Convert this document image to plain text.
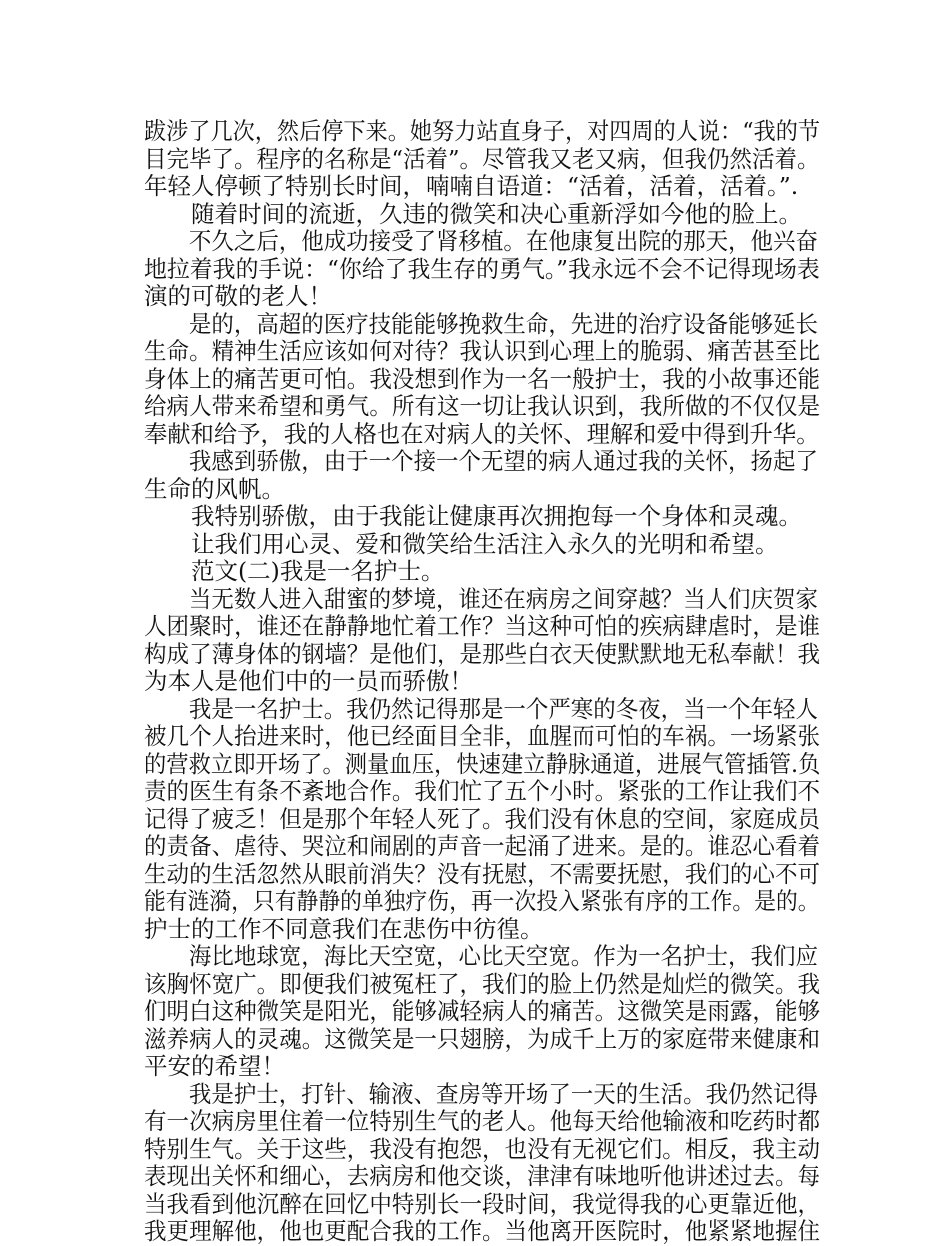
跋涉了几次，然后停下来。她努力站直身子，对四周的人说：“我的节
目完毕了。程序的名称是“活着”。尽管我又老又病，但我仍然活着。
年轻人停顿了特别长时间，喃喃自语道：“活着，活着，活着。”.
随着时间的流逝，久违的微笑和决心重新浮如今他的脸上。
不久之后，他成功接受了肾移植。在他康复出院的那天，他兴奋
地拉着我的手说：“你给了我生存的勇气。”我永远不会不记得现场表
演的可敬的老人！
是的，高超的医疗技能能够挽救生命，先进的治疗设备能够延长
生命。精神生活应该如何对待？我认识到心理上的脆弱、痛苦甚至比
身体上的痛苦更可怕。我没想到作为一名一般护士，我的小故事还能
给病人带来希望和勇气。所有这一切让我认识到，我所做的不仅仅是
奉献和给予，我的人格也在对病人的关怀、理解和爱中得到升华。
我感到骄傲，由于一个接一个无望的病人通过我的关怀，扬起了
生命的风帆。
我特别骄傲，由于我能让健康再次拥抱每一个身体和灵魂。
让我们用心灵、爱和微笑给生活注入永久的光明和希望。
范文(二)我是一名护士。
当无数人进入甜蜜的梦境，谁还在病房之间穿越？当人们庆贺家
人团聚时，谁还在静静地忙着工作？当这种可怕的疾病肆虐时，是谁
构成了薄身体的钢墙？是他们，是那些白衣天使默默地无私奉献！我
为本人是他们中的一员而骄傲！
我是一名护士。我仍然记得那是一个严寒的冬夜，当一个年轻人
被几个人抬进来时，他已经面目全非，血腥而可怕的车祸。一场紧张
的营救立即开场了。测量血压，快速建立静脉通道，进展气管插管.负
责的医生有条不紊地合作。我们忙了五个小时。紧张的工作让我们不
记得了疲乏！但是那个年轻人死了。我们没有休息的空间，家庭成员
的责备、虐待、哭泣和闹剧的声音一起涌了进来。是的。谁忍心看着
生动的生活忽然从眼前消失？没有抚慰，不需要抚慰，我们的心不可
能有涟漪，只有静静的单独疗伤，再一次投入紧张有序的工作。是的。
护士的工作不同意我们在悲伤中彷徨。
海比地球宽，海比天空宽，心比天空宽。作为一名护士，我们应
该胸怀宽广。即便我们被冤枉了，我们的脸上仍然是灿烂的微笑。我
们明白这种微笑是阳光，能够减轻病人的痛苦。这微笑是雨露，能够
滋养病人的灵魂。这微笑是一只翅膀，为成千上万的家庭带来健康和
平安的希望！
我是护士，打针、输液、查房等开场了一天的生活。我仍然记得
有一次病房里住着一位特别生气的老人。他每天给他输液和吃药时都
特别生气。关于这些，我没有抱怨，也没有无视它们。相反，我主动
表现出关怀和细心，去病房和他交谈，津津有味地听他讲述过去。每
当我看到他沉醉在回忆中特别长一段时间，我觉得我的心更靠近他，
我更理解他，他也更配合我的工作。当他离开医院时，他紧紧地握住
